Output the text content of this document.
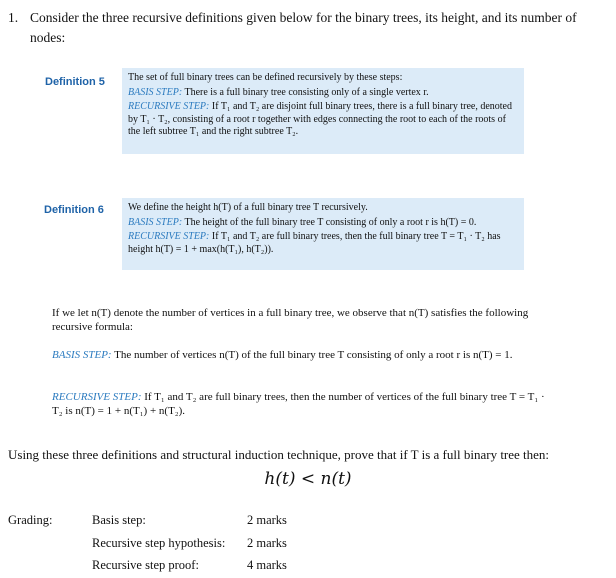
1. Consider the three recursive definitions given below for the binary trees, its height, and its number of nodes:
Definition 5 The set of full binary trees can be defined recursively by these steps:

BASIS STEP: There is a full binary tree consisting only of a single vertex r.

RECURSIVE STEP: If T₁ and T₂ are disjoint full binary trees, there is a full binary tree, denoted by T₁ · T₂, consisting of a root r together with edges connecting the root to each of the roots of the left subtree T₁ and the right subtree T₂.

Definition 6 We define the height h(T) of a full binary tree T recursively.

BASIS STEP: The height of the full binary tree T consisting of only a root r is h(T) = 0.

RECURSIVE STEP: If T₁ and T₂ are full binary trees, then the full binary tree T = T₁ · T₂ has height h(T) = 1 + max(h(T₁), h(T₂)).

If we let n(T) denote the number of vertices in a full binary tree, we observe that n(T) satisfies the following recursive formula:
BASIS STEP: The number of vertices n(T) of the full binary tree T consisting of only a root r is n(T) = 1.
RECURSIVE STEP: If T₁ and T₂ are full binary trees, then the number of vertices of the full binary tree T = T₁ · T₂ is n(T) = 1 + n(T₁) + n(T₂).
Using these three definitions and structural induction technique, prove that if T is a full binary tree then:
h(t) < n(t)
Grading:	Basis step:	2 marks
Recursive step hypothesis: 2 marks
Recursive step proof:	4 marks
